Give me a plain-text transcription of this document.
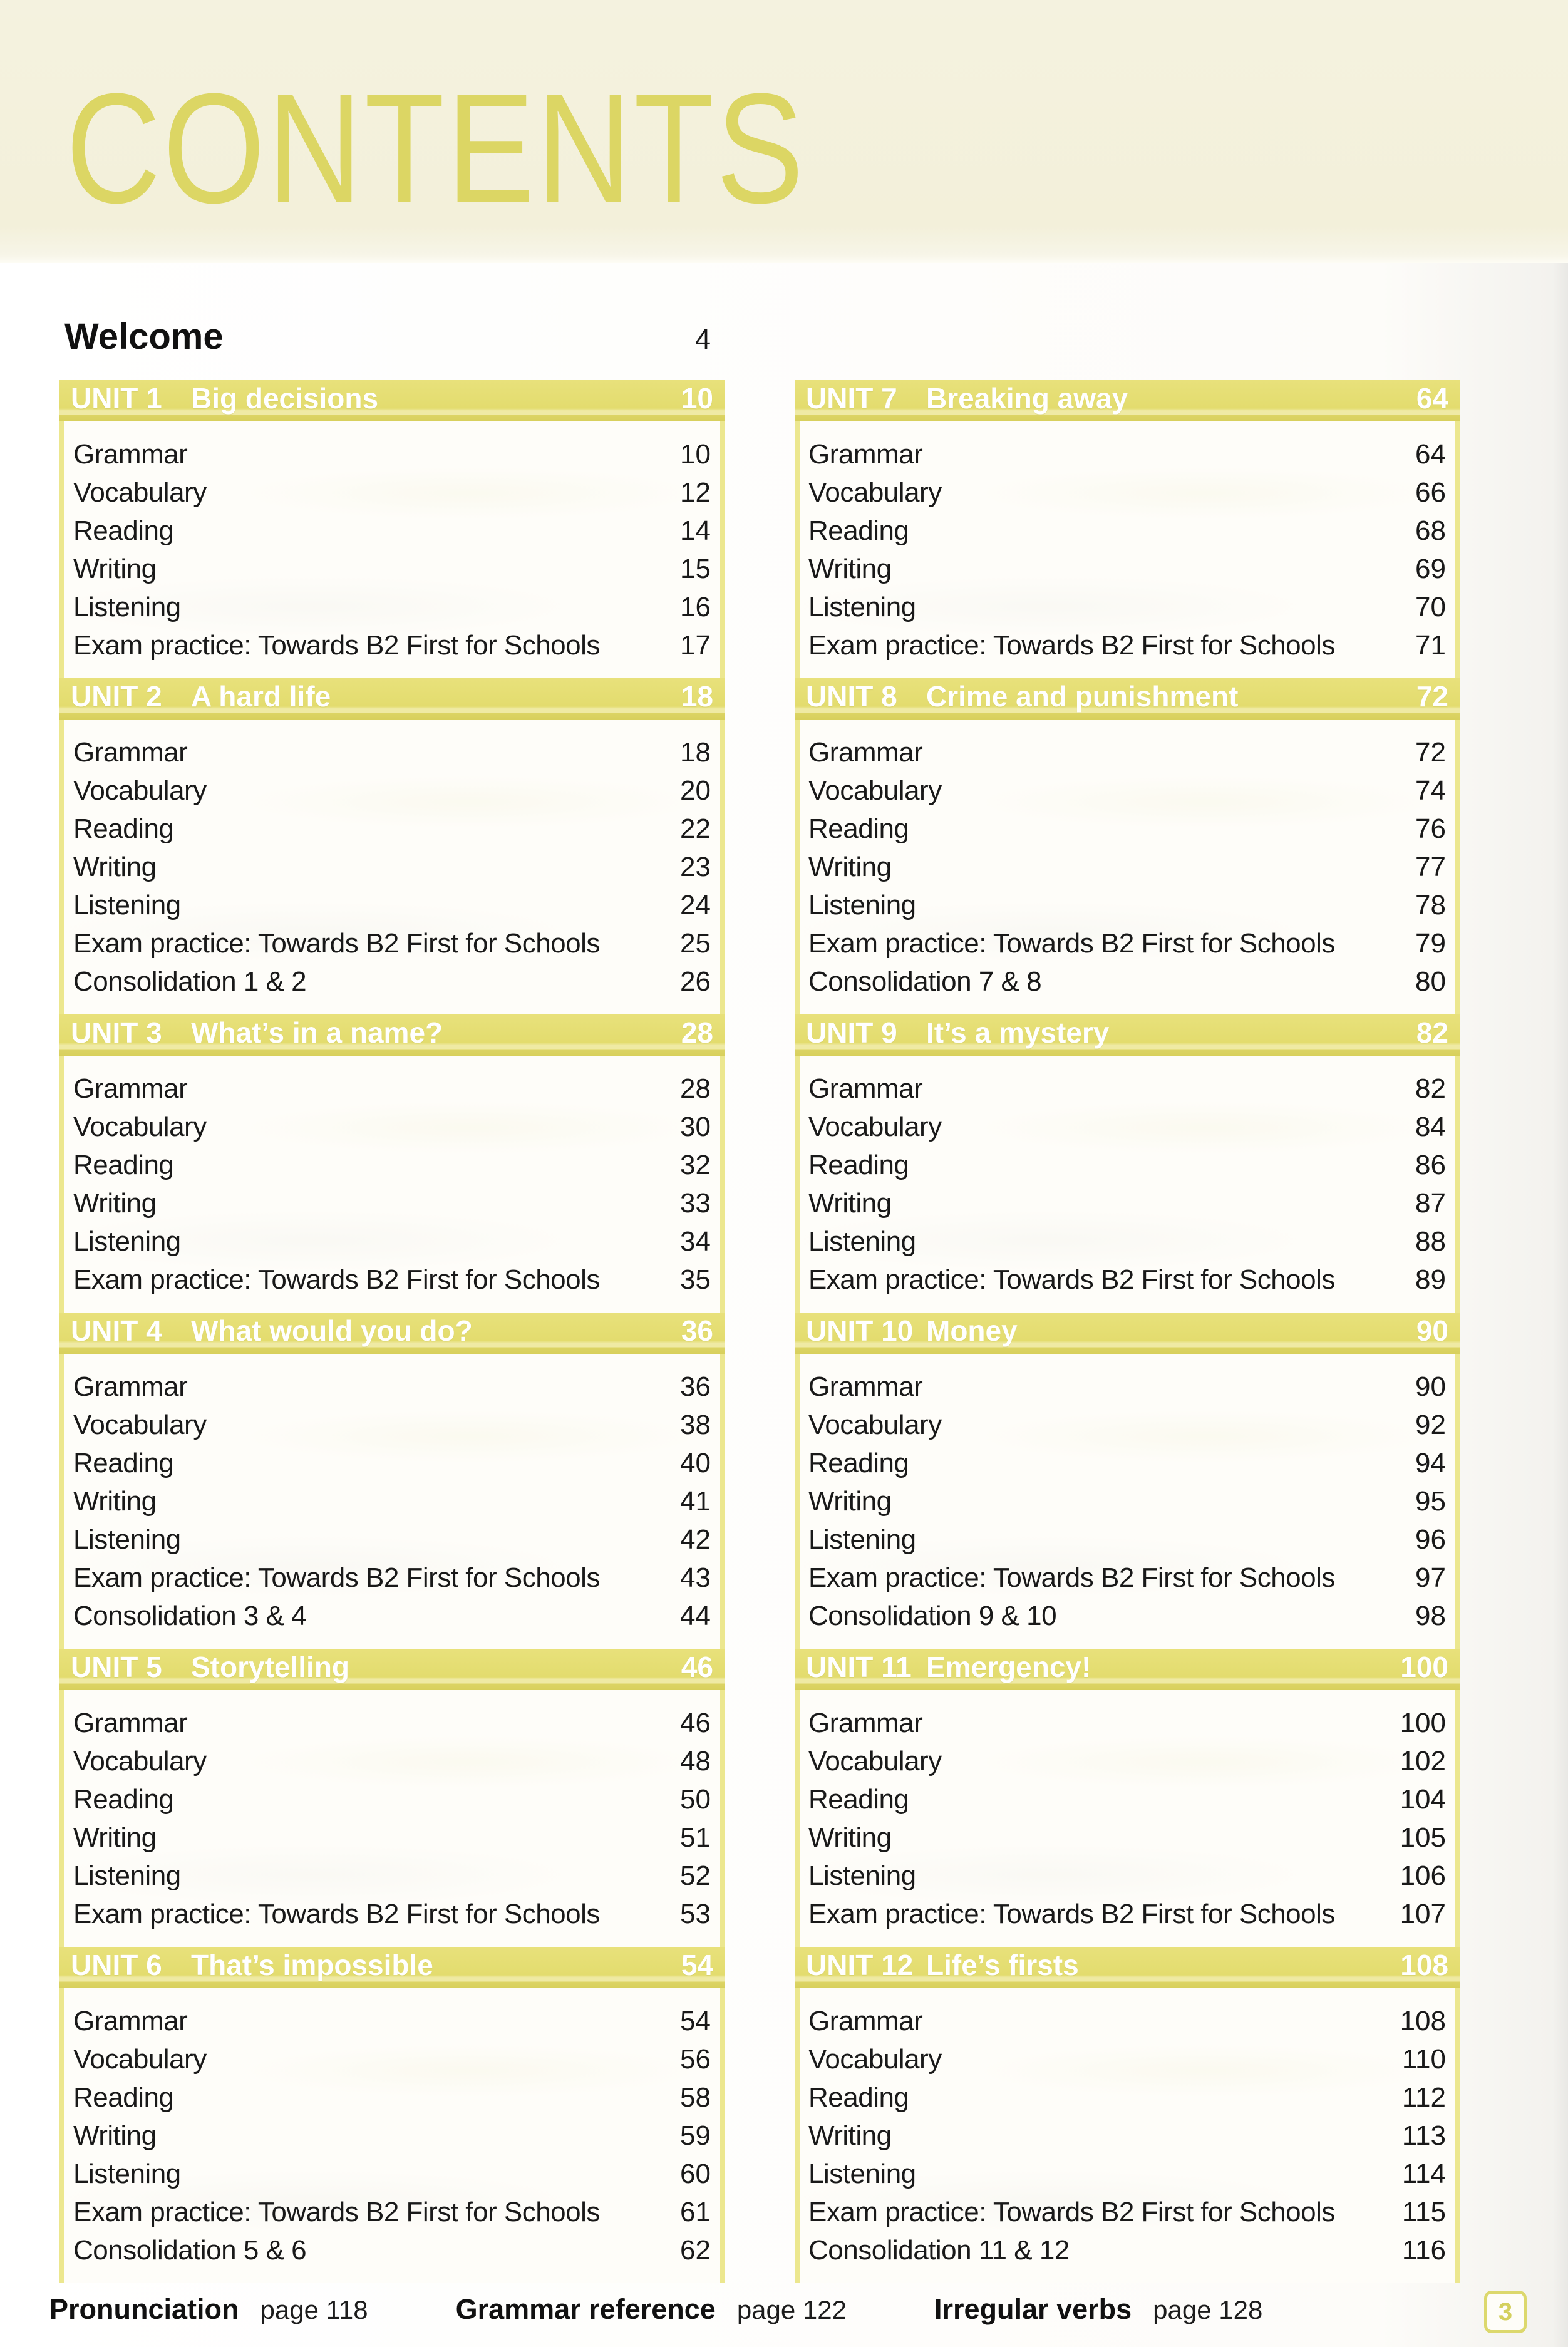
CONTENTS
Welcome	4
UNIT 1	Big decisions	10
Grammar	10
Vocabulary	12
Reading	14
Writing	15
Listening	16
Exam practice: Towards B2 First for Schools	17
UNIT 2	A hard life	18
Grammar	18
Vocabulary	20
Reading	22
Writing	23
Listening	24
Exam practice: Towards B2 First for Schools	25
Consolidation 1 & 2	26
UNIT 3	What’s in a name?	28
Grammar	28
Vocabulary	30
Reading	32
Writing	33
Listening	34
Exam practice: Towards B2 First for Schools	35
UNIT 4	What would you do?	36
Grammar	36
Vocabulary	38
Reading	40
Writing	41
Listening	42
Exam practice: Towards B2 First for Schools	43
Consolidation 3 & 4	44
UNIT 5	Storytelling	46
Grammar	46
Vocabulary	48
Reading	50
Writing	51
Listening	52
Exam practice: Towards B2 First for Schools	53
UNIT 6	That’s impossible	54
Grammar	54
Vocabulary	56
Reading	58
Writing	59
Listening	60
Exam practice: Towards B2 First for Schools	61
Consolidation 5 & 6	62
UNIT 7	Breaking away	64
Grammar	64
Vocabulary	66
Reading	68
Writing	69
Listening	70
Exam practice: Towards B2 First for Schools	71
UNIT 8	Crime and punishment	72
Grammar	72
Vocabulary	74
Reading	76
Writing	77
Listening	78
Exam practice: Towards B2 First for Schools	79
Consolidation 7 & 8	80
UNIT 9	It’s a mystery	82
Grammar	82
Vocabulary	84
Reading	86
Writing	87
Listening	88
Exam practice: Towards B2 First for Schools	89
UNIT 10 Money	90
Grammar	90
Vocabulary	92
Reading	94
Writing	95
Listening	96
Exam practice: Towards B2 First for Schools	97
Consolidation 9 & 10	98
UNIT 11 Emergency!	100
Grammar	100
Vocabulary	102
Reading	104
Writing	105
Listening	106
Exam practice: Towards B2 First for Schools 107
UNIT 12 Life’s firsts	108
Grammar	108
Vocabulary	110
Reading	112
Writing	113
Listening	114
Exam practice: Towards B2 First for Schools 115
Consolidation 11 & 12	116
Pronunciation page 118	Grammar reference page 122	Irregular verbs page 128	3
